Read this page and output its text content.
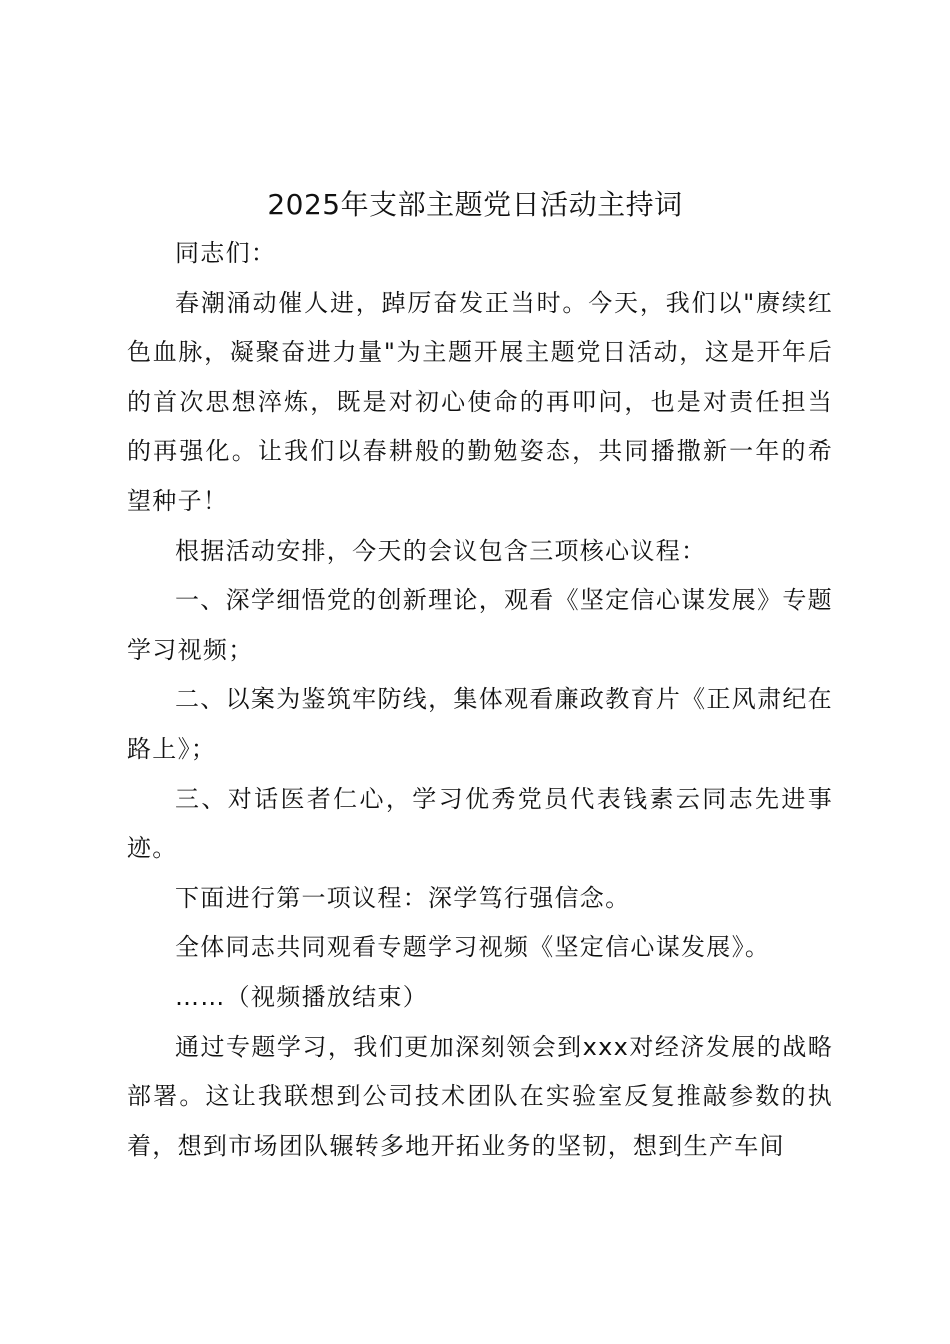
2025年支部主题党日活动主持词

同志们：

春潮涌动催人进，踔厉奋发正当时。今天，我们以"赓续红色血脉，凝聚奋进力量"为主题开展主题党日活动，这是开年后的首次思想淬炼，既是对初心使命的再叩问，也是对责任担当的再强化。让我们以春耕般的勤勉姿态，共同播撒新一年的希望种子！

根据活动安排，今天的会议包含三项核心议程：

一、深学细悟党的创新理论，观看《坚定信心谋发展》专题学习视频；

二、以案为鉴筑牢防线，集体观看廉政教育片《正风肃纪在路上》；

三、对话医者仁心，学习优秀党员代表钱素云同志先进事迹。

下面进行第一项议程：深学笃行强信念。

全体同志共同观看专题学习视频《坚定信心谋发展》。

……（视频播放结束）

通过专题学习，我们更加深刻领会到xxx对经济发展的战略部署。这让我联想到公司技术团队在实验室反复推敲参数的执着，想到市场团队辗转多地开拓业务的坚韧，想到生产车间
